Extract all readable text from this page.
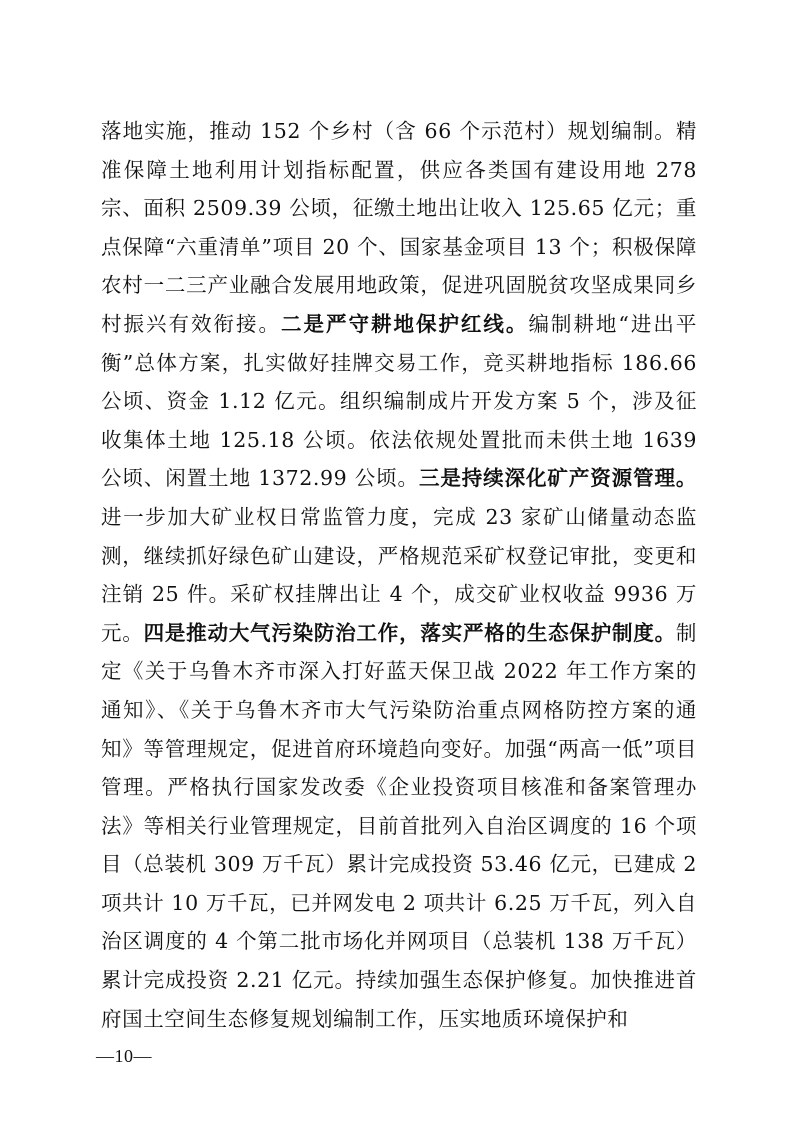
落地实施，推动 152 个乡村（含 66 个示范村）规划编制。精准保障土地利用计划指标配置，供应各类国有建设用地 278 宗、面积 2509.39 公顷，征缴土地出让收入 125.65 亿元；重点保障“六重清单”项目 20 个、国家基金项目 13 个；积极保障农村一二三产业融合发展用地政策，促进巩固脱贫攻坚成果同乡村振兴有效衔接。二是严守耕地保护红线。编制耕地“进出平衡”总体方案，扎实做好挂牌交易工作，竞买耕地指标 186.66 公顷、资金 1.12 亿元。组织编制成片开发方案 5 个，涉及征收集体土地 125.18 公顷。依法依规处置批而未供土地 1639 公顷、闲置土地 1372.99 公顷。三是持续深化矿产资源管理。进一步加大矿业权日常监管力度，完成 23 家矿山储量动态监测，继续抓好绿色矿山建设，严格规范采矿权登记审批，变更和注销 25 件。采矿权挂牌出让 4 个，成交矿业权收益 9936 万元。四是推动大气污染防治工作，落实严格的生态保护制度。制定《关于乌鲁木齐市深入打好蓝天保卫战 2022 年工作方案的通知》、《关于乌鲁木齐市大气污染防治重点网格防控方案的通知》等管理规定，促进首府环境趋向变好。加强“两高一低”项目管理。严格执行国家发改委《企业投资项目核准和备案管理办法》等相关行业管理规定，目前首批列入自治区调度的 16 个项目（总装机 309 万千瓦）累计完成投资 53.46 亿元，已建成 2 项共计 10 万千瓦，已并网发电 2 项共计 6.25 万千瓦，列入自治区调度的 4 个第二批市场化并网项目（总装机 138 万千瓦）累计完成投资 2.21 亿元。持续加强生态保护修复。加快推进首府国土空间生态修复规划编制工作，压实地质环境保护和
—10—
